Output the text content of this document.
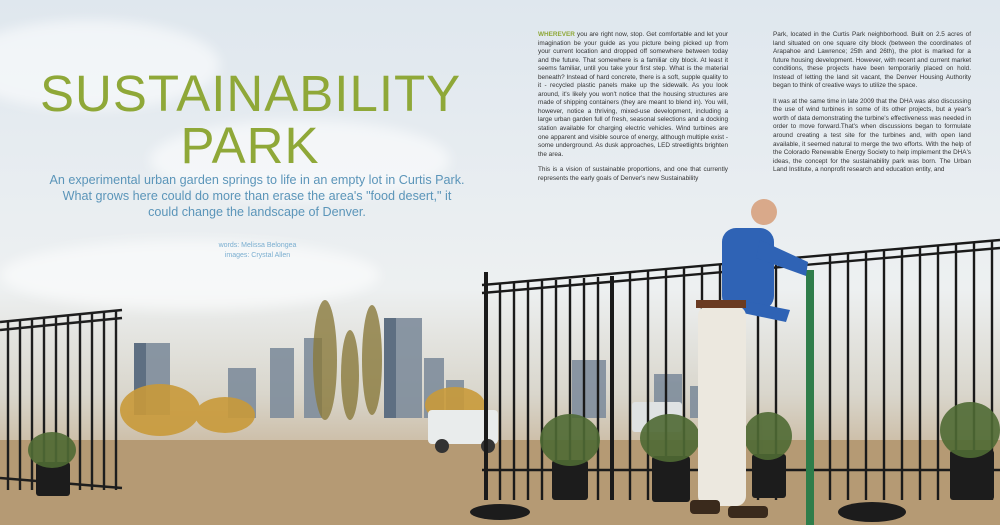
SUSTAINABILITY
PARK
An experimental urban garden springs to life in an empty lot in Curtis Park. What grows here could do more than erase the area's "food desert," it could change the landscape of Denver.
words: Melissa Belongea
images: Crystal Allen

WHEREVER you are right now, stop. Get comfortable and let your imagination be your guide as you picture being picked up from your current location and dropped off somewhere between today and the future. That somewhere is a familiar city block. At least it seems familiar, until you take your first step. What is the material beneath? Instead of hard concrete, there is a soft, supple quality to it - recycled plastic panels make up the sidewalk. As you look around, it's likely you won't notice that the housing structures are made of shipping containers (they are meant to blend in). You will, however, notice a thriving, mixed-use development, including a large urban garden full of fresh, seasonal selections and a docking station available for charging electric vehicles. Wind turbines are one apparent and visible source of energy, although multiple exist - some underground. As dusk approaches, LED streetlights brighten the area.

This is a vision of sustainable proportions, and one that currently represents the early goals of Denver's new Sustainability

Park, located in the Curtis Park neighborhood. Built on 2.5 acres of land situated on one square city block (between the coordinates of Arapahoe and Lawrence; 25th and 26th), the plot is marked for a future housing development. However, with recent and current market conditions, these projects have been temporarily placed on hold. Instead of letting the land sit vacant, the Denver Housing Authority began to think of creative ways to utilize the space.

It was at the same time in late 2009 that the DHA was also discussing the use of wind turbines in some of its other projects, but a year's worth of data demonstrating the turbine's effectiveness was needed in order to move forward.That's when discussions began to formulate around creating a test site for the turbines and, with open land available, it seemed natural to merge the two efforts. With the help of the Colorado Renewable Energy Society to help implement the DHA's ideas, the concept for the sustainability park was born. The Urban Land Institute, a nonprofit research and education entity, and
